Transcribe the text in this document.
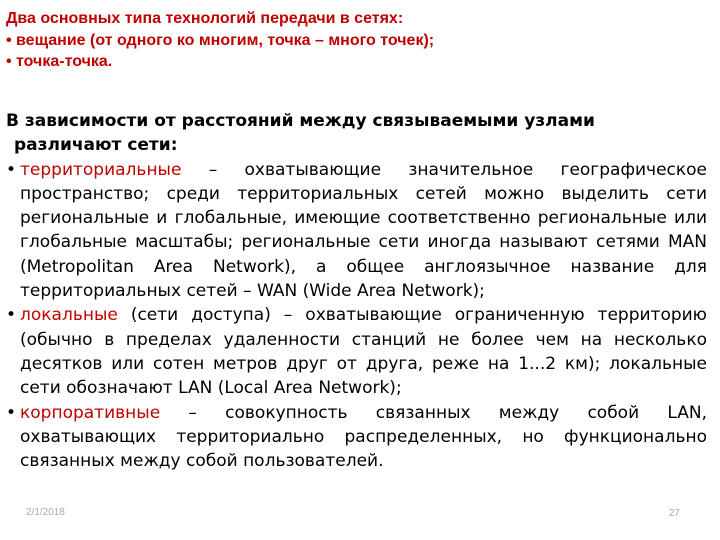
Два основных типа технологий передачи в сетях:
• вещание (от одного ко многим, точка – много точек);
• точка-точка.
В зависимости от расстояний между связываемыми узлами
различают сети:
• территориальные – охватывающие значительное географическое пространство; среди территориальных сетей можно выделить сети региональные и глобальные, имеющие соответственно региональные или глобальные масштабы; региональные сети иногда называют сетями MAN (Metropolitan Area Network), а общее англоязычное название для территориальных сетей – WAN (Wide Area Network);
• локальные (сети доступа) – охватывающие ограниченную территорию (обычно в пределах удаленности станций не более чем на несколько десятков или сотен метров друг от друга, реже на 1...2 км); локальные сети обозначают LAN (Local Area Network);
• корпоративные – совокупность связанных между собой LAN, охватывающих территориально распределенных, но функционально связанных между собой пользователей.
2/1/2018	27
